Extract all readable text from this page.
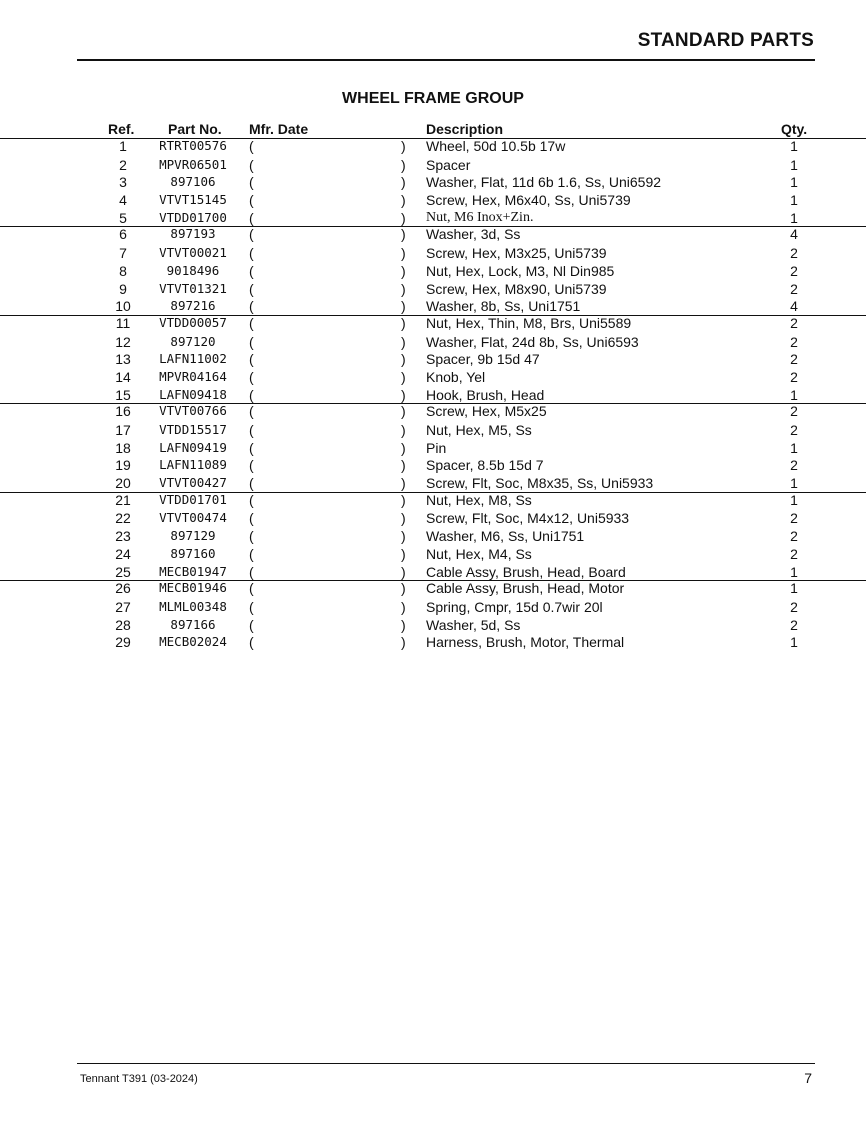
STANDARD PARTS
WHEEL FRAME GROUP
Ref. Part No. Mfr. Date	Description	Qty.
1	RTRT00576	(	) Wheel, 50d 10.5b 17w	1
2	MPVR06501	(	) Spacer	1
3	897106	(	) Washer, Flat, 11d 6b 1.6, Ss, Uni6592	1
4	VTVT15145	(	) Screw, Hex, M6x40, Ss, Uni5739	1
5	VTDD01700	(	) Nut, M6 Inox+Zin.	1
6	897193	(	) Washer, 3d, Ss	4
7	VTVT00021	(	) Screw, Hex, M3x25, Uni5739	2
8	9018496	(	) Nut, Hex, Lock, M3, Nl Din985	2
9	VTVT01321	(	) Screw, Hex, M8x90, Uni5739	2
10	897216	(	) Washer, 8b, Ss, Uni1751	4
11	VTDD00057	(	) Nut, Hex, Thin, M8, Brs, Uni5589	2
12	897120	(	) Washer, Flat, 24d 8b, Ss, Uni6593	2
13	LAFN11002	(	) Spacer, 9b 15d 47	2
14	MPVR04164	(	) Knob, Yel	2
15	LAFN09418	(	) Hook, Brush, Head	1
16	VTVT00766	(	) Screw, Hex, M5x25	2
17	VTDD15517	(	) Nut, Hex, M5, Ss	2
18	LAFN09419	(	) Pin	1
19	LAFN11089	(	) Spacer, 8.5b 15d 7	2
20	VTVT00427	(	) Screw, Flt, Soc, M8x35, Ss, Uni5933	1
21	VTDD01701	(	) Nut, Hex, M8, Ss	1
22	VTVT00474	(	) Screw, Flt, Soc, M4x12, Uni5933	2
23	897129	(	) Washer, M6, Ss, Uni1751	2
24	897160	(	) Nut, Hex, M4, Ss	2
25	MECB01947	(	) Cable Assy, Brush, Head, Board	1
26	MECB01946	(	) Cable Assy, Brush, Head, Motor	1
27	MLML00348	(	) Spring, Cmpr, 15d 0.7wir 20l	2
28	897166	(	) Washer, 5d, Ss	2
29	MECB02024	(	) Harness, Brush, Motor, Thermal	1
Tennant T391 (03-2024)	7
